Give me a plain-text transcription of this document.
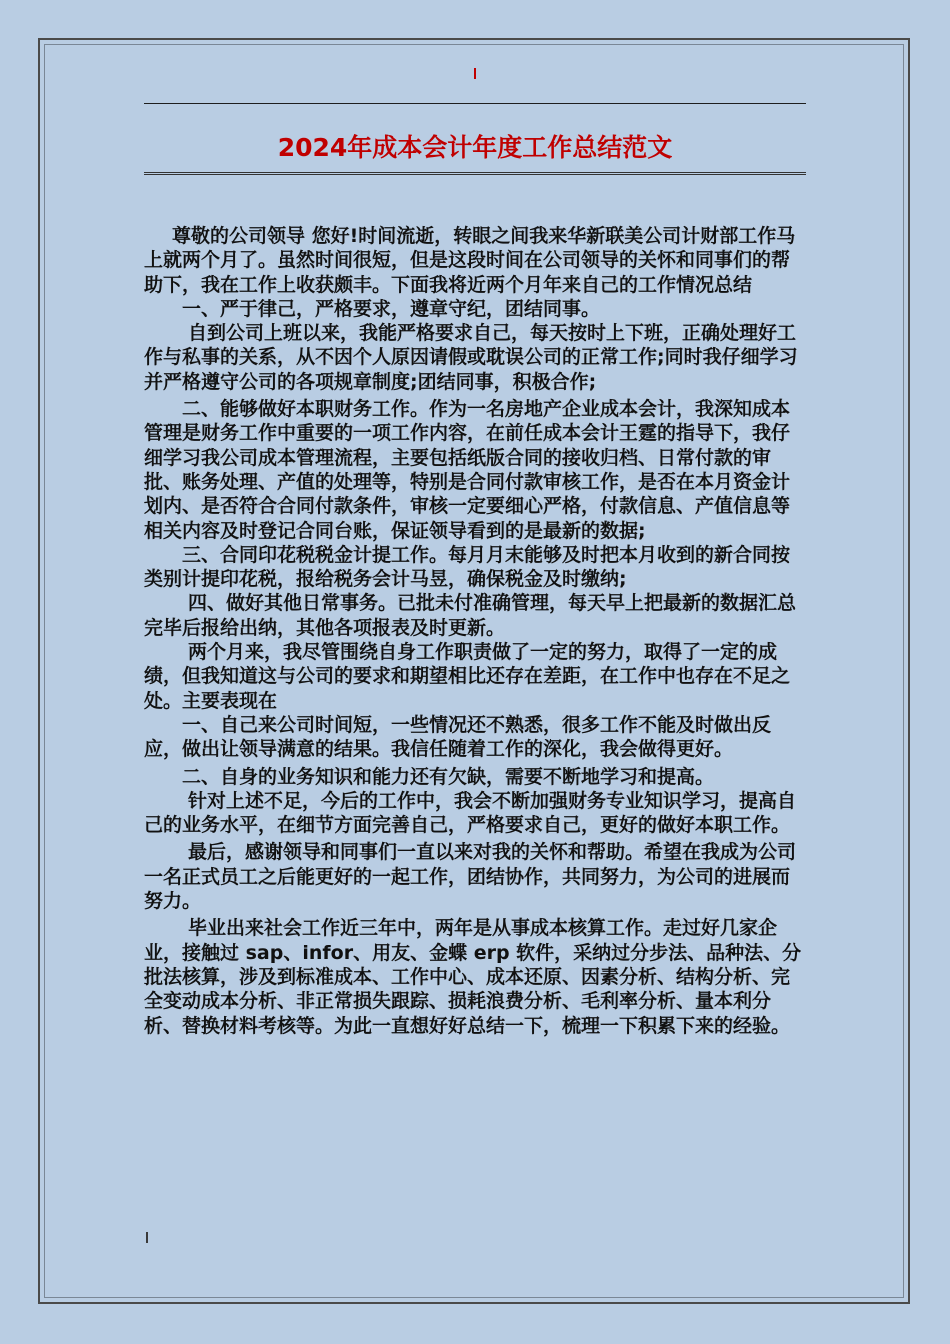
2024年成本会计年度工作总结范文

尊敬的公司领导 您好!时间流逝，转眼之间我来华新联美公司计财部工作马上就两个月了。虽然时间很短，但是这段时间在公司领导的关怀和同事们的帮助下，我在工作上收获颇丰。下面我将近两个月年来自己的工作情况总结

一、严于律己，严格要求，遵章守纪，团结同事。

自到公司上班以来，我能严格要求自己，每天按时上下班，正确处理好工作与私事的关系，从不因个人原因请假或耽误公司的正常工作;同时我仔细学习并严格遵守公司的各项规章制度;团结同事，积极合作;

二、能够做好本职财务工作。作为一名房地产企业成本会计，我深知成本管理是财务工作中重要的一项工作内容，在前任成本会计王霆的指导下，我仔细学习我公司成本管理流程，主要包括纸版合同的接收归档、日常付款的审批、账务处理、产值的处理等，特别是合同付款审核工作，是否在本月资金计划内、是否符合合同付款条件，审核一定要细心严格，付款信息、产值信息等相关内容及时登记合同台账，保证领导看到的是最新的数据;

三、合同印花税税金计提工作。每月月末能够及时把本月收到的新合同按类别计提印花税，报给税务会计马昱，确保税金及时缴纳;

四、做好其他日常事务。已批未付准确管理，每天早上把最新的数据汇总完毕后报给出纳，其他各项报表及时更新。

两个月来，我尽管围绕自身工作职责做了一定的努力，取得了一定的成绩，但我知道这与公司的要求和期望相比还存在差距，在工作中也存在不足之处。主要表现在

一、自己来公司时间短，一些情况还不熟悉，很多工作不能及时做出反应，做出让领导满意的结果。我信任随着工作的深化，我会做得更好。

二、自身的业务知识和能力还有欠缺，需要不断地学习和提高。

针对上述不足，今后的工作中，我会不断加强财务专业知识学习，提高自己的业务水平，在细节方面完善自己，严格要求自己，更好的做好本职工作。

最后，感谢领导和同事们一直以来对我的关怀和帮助。希望在我成为公司一名正式员工之后能更好的一起工作，团结协作，共同努力，为公司的进展而努力。

毕业出来社会工作近三年中，两年是从事成本核算工作。走过好几家企业，接触过 sap、infor、用友、金蝶 erp 软件，采纳过分步法、品种法、分批法核算，涉及到标准成本、工作中心、成本还原、因素分析、结构分析、完全变动成本分析、非正常损失跟踪、损耗浪费分析、毛利率分析、量本利分析、替换材料考核等。为此一直想好好总结一下，梳理一下积累下来的经验。
